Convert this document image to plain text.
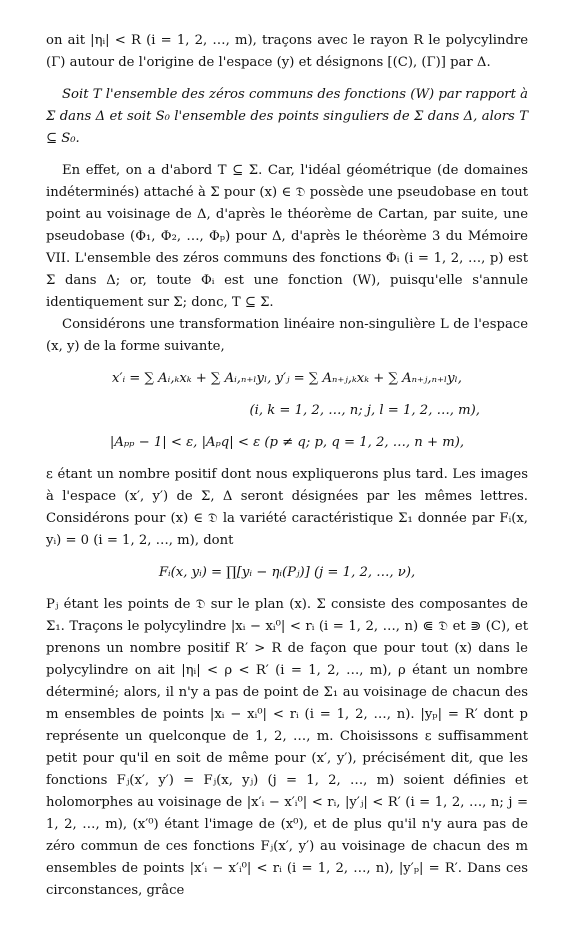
on ait |ηᵢ| < R (i = 1, 2, …, m), traçons avec le rayon R le polycylindre (Γ) autour de l'origine de l'espace (y) et désignons [(C), (Γ)] par Δ.

Soit T l'ensemble des zéros communs des fonctions (W) par rapport à Σ dans Δ et soit S₀ l'ensemble des points singuliers de Σ dans Δ, alors T ⊆ S₀.

En effet, on a d'abord T ⊆ Σ. Car, l'idéal géométrique (de domaines indéterminés) attaché à Σ pour (x) ∈ 𝔇 possède une pseudobase en tout point au voisinage de Δ, d'après le théorème de Cartan, par suite, une pseudobase (Φ₁, Φ₂, …, Φₚ) pour Δ, d'après le théorème 3 du Mémoire VII. L'ensemble des zéros communs des fonctions Φᵢ (i = 1, 2, …, p) est Σ dans Δ; or, toute Φᵢ est une fonction (W), puisqu'elle s'annule identiquement sur Σ; donc, T ⊆ Σ.

Considérons une transformation linéaire non-singulière L de l'espace (x, y) de la forme suivante,

x′ᵢ = ∑ Aᵢ,ₖxₖ + ∑ Aᵢ,ₙ₊ₗyₗ, y′ⱼ = ∑ Aₙ₊ⱼ,ₖxₖ + ∑ Aₙ₊ⱼ,ₙ₊ₗyₗ,

(i, k = 1, 2, …, n; j, l = 1, 2, …, m),

|Aₚₚ − 1| < ε, |Aₚq| < ε (p ≠ q; p, q = 1, 2, …, n + m),

ε étant un nombre positif dont nous expliquerons plus tard. Les images à l'espace (x′, y′) de Σ, Δ seront désignées par les mêmes lettres. Considérons pour (x) ∈ 𝔇 la variété caractéristique Σ₁ donnée par Fᵢ(x, yᵢ) = 0 (i = 1, 2, …, m), dont

Fᵢ(x, yᵢ) = ∏[yᵢ − ηᵢ(Pⱼ)] (j = 1, 2, …, ν),

Pⱼ étant les points de 𝔇 sur le plan (x). Σ consiste des composantes de Σ₁. Traçons le polycylindre |xᵢ − xᵢ⁰| < rᵢ (i = 1, 2, …, n) ⋐ 𝔇 et ⋑ (C), et prenons un nombre positif R′ > R de façon que pour tout (x) dans le polycylindre on ait |ηᵢ| < ρ < R′ (i = 1, 2, …, m), ρ étant un nombre déterminé; alors, il n'y a pas de point de Σ₁ au voisinage de chacun des m ensembles de points |xᵢ − xᵢ⁰| < rᵢ (i = 1, 2, …, n). |yₚ| = R′ dont p représente un quelconque de 1, 2, …, m. Choisissons ε suffisamment petit pour qu'il en soit de même pour (x′, y′), précisément dit, que les fonctions Fⱼ(x′, y′) = Fⱼ(x, yⱼ) (j = 1, 2, …, m) soient définies et holomorphes au voisinage de |x′ᵢ − x′ᵢ⁰| < rᵢ, |y′ⱼ| < R′ (i = 1, 2, …, n; j = 1, 2, …, m), (x′⁰) étant l'image de (x⁰), et de plus qu'il n'y aura pas de zéro commun de ces fonctions Fⱼ(x′, y′) au voisinage de chacun des m ensembles de points |x′ᵢ − x′ᵢ⁰| < rᵢ (i = 1, 2, …, n), |y′ₚ| = R′. Dans ces circonstances, grâce
